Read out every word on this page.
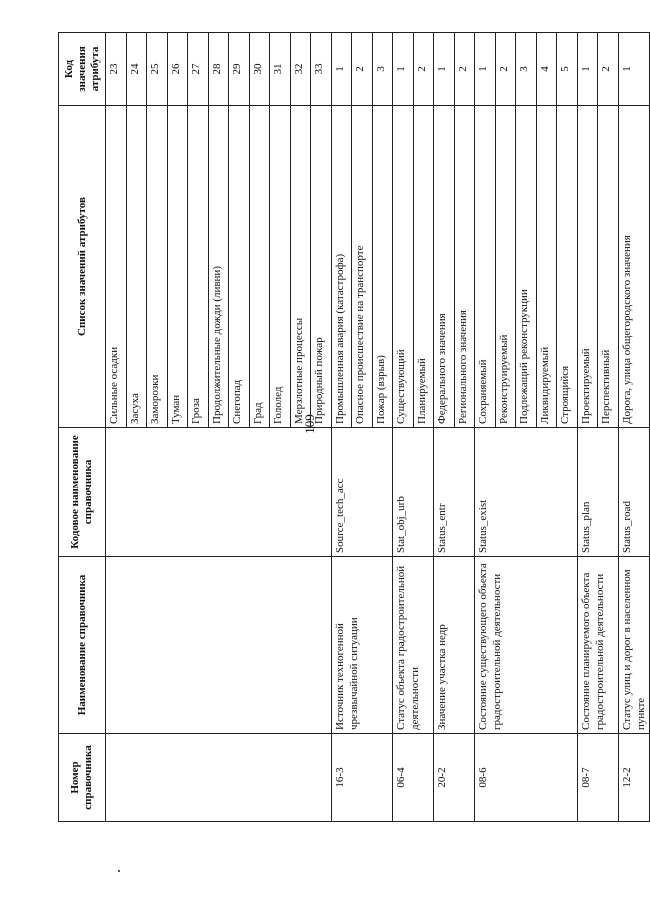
109
Номер справочника	Наименование справочника	Кодовое наименование справочника	Список значений атрибутов	Код значения атрибута
			Сильные осадки	23
			Засуха	24
			Заморозки	25
			Туман	26
			Гроза	27
			Продолжительные дожди (ливни)	28
			Снегопад	29
			Град	30
			Гололед	31
			Мерзлотные процессы	32
			Природный пожар	33
16-3	Источник техногенной чрезвычайной ситуации	Source_tech_acc	Промышленная авария (катастрофа)	1
			Опасное происшествие на транспорте	2
			Пожар (взрыв)	3
06-4	Статус объекта градостроительной деятельности	Stat_obj_urb	Существующий	1
			Планируемый	2
20-2	Значение участка недр	Status_entr	Федерального значения	1
			Регионального значения	2
08-6	Состояние существующего объекта градостроительной деятельности	Status_exist	Сохраняемый	1
			Реконструируемый	2
			Подлежащий реконструкции	3
			Ликвидируемый	4
			Строящийся	5
08-7	Состояние планируемого объекта градостроительной деятельности	Status_plan	Проектируемый	1
			Перспективный	2
12-2	Статус улиц и дорог в населенном пункте	Status_road	Дорога, улица общегородского значения	1
